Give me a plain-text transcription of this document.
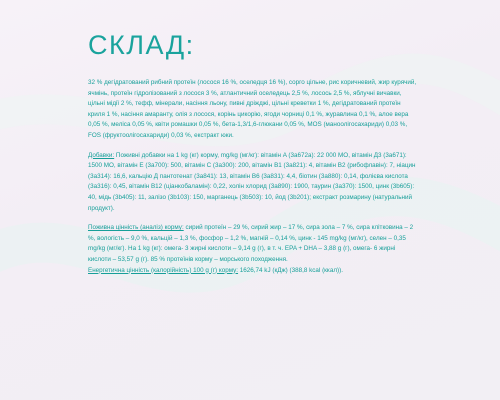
СКЛАД:

32 % дегідратований рибний протеїн (лосося 16 %, оселедця 16 %), сорго цільне, рис коричневий, жир курячий, ячмінь, протеїн гідролізований з лосося 3 %, атлантичний оселедець 2,5 %, лосось 2,5 %, яблучні вичавки, цільні мідії 2 %, тефф, мінерали, насіння льону, пивні дріжджі, цільні креветки 1 %, дегідратований протеїн криля 1 %, насіння амаранту, олія з лосося, корінь цикорію, ягоди чорниці 0,1 %, журавлина 0,1 %, алое вера 0,05 %, меліса 0,05 %, квіти ромашки 0,05 %, бета-1,3/1,6-глюкани 0,05 %, MOS (маноолігосахариди) 0,03 %, FOS (фруктоолігосахариди) 0,03 %, екстракт юки.

Добавки: Поживні добавки на 1 kg (кг) корму, mg/kg (мг/кг): вітамін A (3a672a): 22 000 МО, вітамін Д3 (3a671): 1500 МО, вітамін Е (3a700): 500, вітамін С (3a300): 200, вітамін В1 (3a821): 4, вітамін В2 (рибофлавін): 7, ніацин (3a314): 16,6, кальцію Д пантотенат (3a841): 13, вітамін В6 (3a831): 4,4, біотин (3a880): 0,14, фолієва кислота (3a316): 0,45, вітамін В12 (ціанкобаламін): 0,22, холін хлорид (3a890): 1900, таурин (3a370): 1500, цинк (3b605): 40, мідь (3b405): 11, залізо (3b103): 150, марганець (3b503): 10, йод (3b201); екстракт розмарину (натуральний продукт).

Поживна цінність (аналіз) корму: сирий протеїн – 29 %, сирий жир – 17 %, сира зола – 7 %, сира клітковина – 2 %, вологість – 9,0 %, кальцій – 1,3 %, фосфор – 1,2 %, магній – 0,14 %, цинк - 145 mg/kg (мг/кг), селен – 0,35 mg/kg (мг/кг). На 1 kg (кг): омега- 3 жирні кислоти – 9,14 g (г), в т. ч. EPA + DHA – 3,88 g (г), омега- 6 жирні кислоти – 53,57 g (г). 85 % протеїнів корму – морського походження.
Енергетична цінність (калорійність) 100 g (г) корму: 1626,74 kJ (кДж) (388,8 kcal (ккал)).
